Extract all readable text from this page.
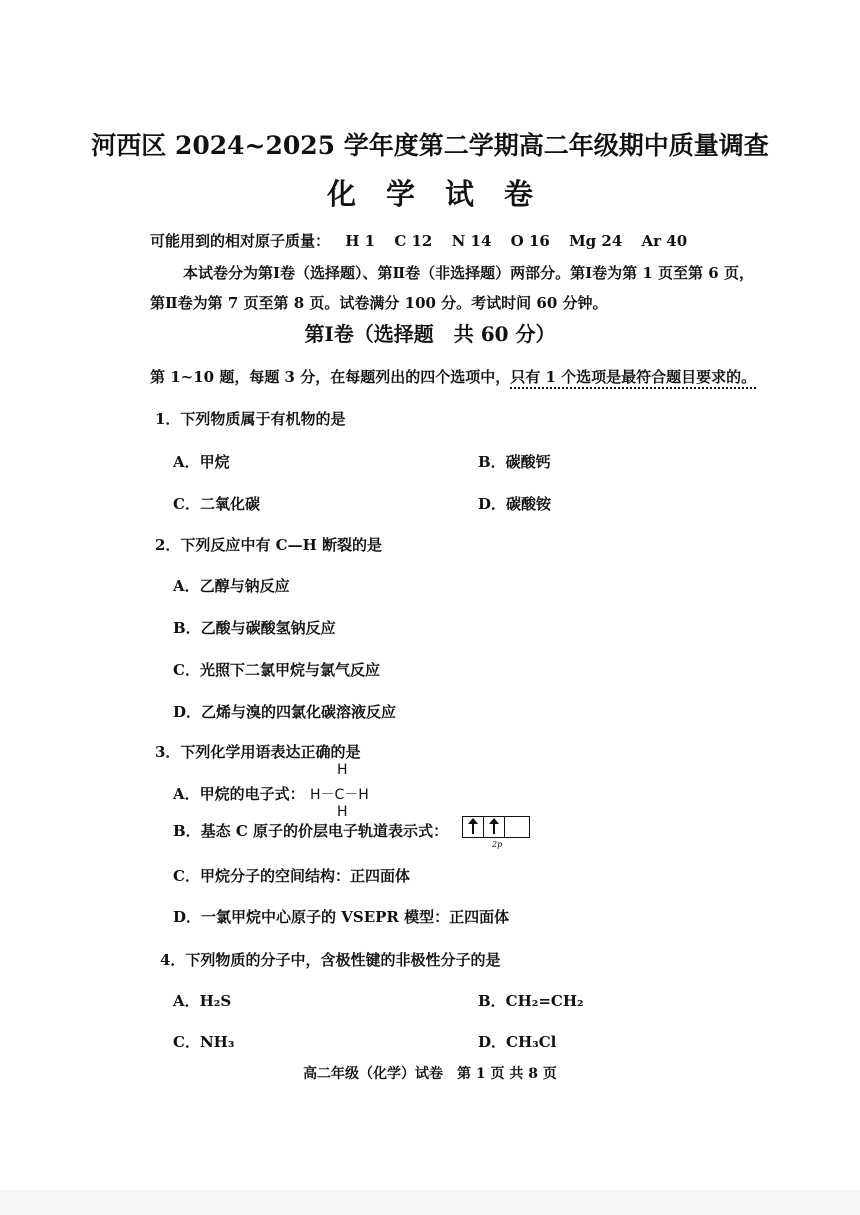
河西区 2024~2025 学年度第二学期高二年级期中质量调查
化学试卷
可能用到的相对原子质量： H 1 C 12 N 14 O 16 Mg 24 Ar 40
本试卷分为第Ⅰ卷（选择题）、第Ⅱ卷（非选择题）两部分。第Ⅰ卷为第 1 页至第 6 页，
第Ⅱ卷为第 7 页至第 8 页。试卷满分 100 分。考试时间 60 分钟。
第Ⅰ卷（选择题　共 60 分）
第 1~10 题，每题 3 分，在每题列出的四个选项中，只有 1 个选项是最符合题目要求的。
1．下列物质属于有机物的是
A．甲烷	B．碳酸钙
C．二氧化碳	D．碳酸铵
2．下列反应中有 C—H 断裂的是
A．乙醇与钠反应
B．乙酸与碳酸氢钠反应
C．光照下二氯甲烷与氯气反应
D．乙烯与溴的四氯化碳溶液反应
3．下列化学用语表达正确的是
A．甲烷的电子式：
H
H－C－H
H
B．基态 C 原子的价层电子轨道表示式：
2p
C．甲烷分子的空间结构：正四面体
D．一氯甲烷中心原子的 VSEPR 模型：正四面体
4．下列物质的分子中，含极性键的非极性分子的是
A．H₂S	B．CH₂=CH₂
C．NH₃	D．CH₃Cl
高二年级（化学）试卷　第 1 页 共 8 页
